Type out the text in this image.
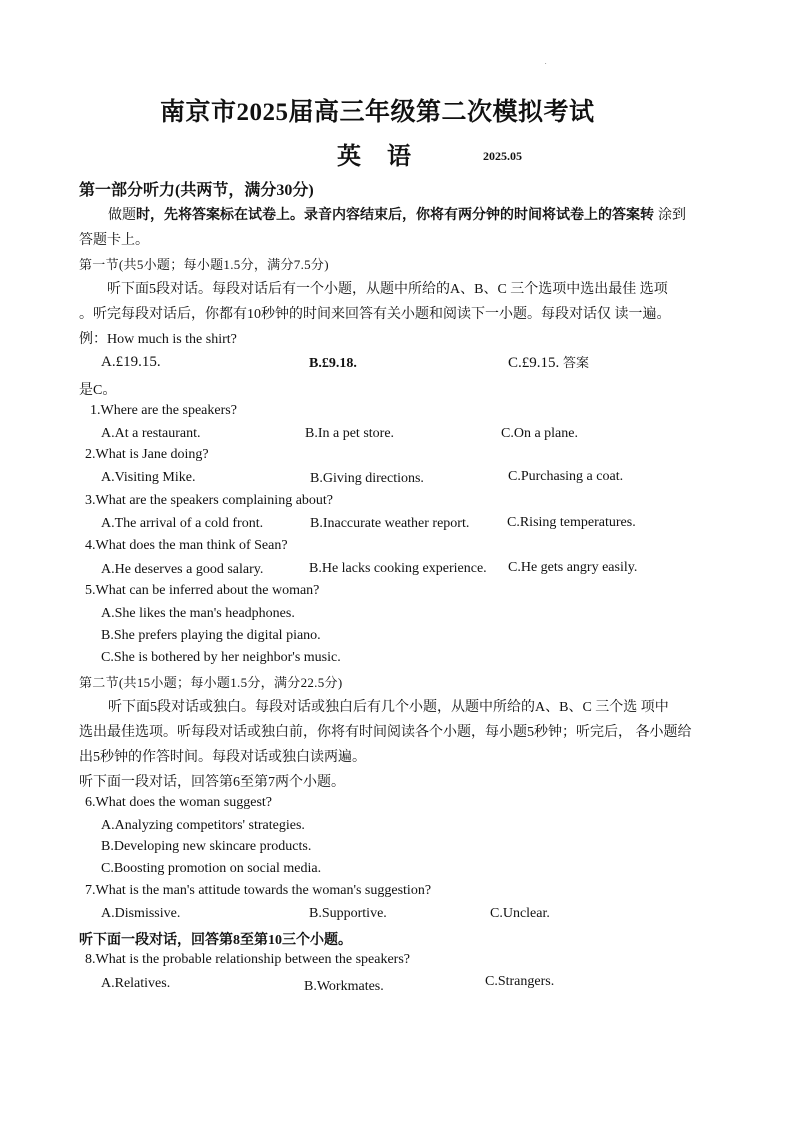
.
南京市2025届高三年级第二次模拟考试
英 语	2025.05
第一部分听力(共两节，满分30分)
做题时，先将答案标在试卷上。录音内容结束后，你将有两分钟的时间将试卷上的答案转 涂到
答题卡上。
第一节(共5小题；每小题1.5分，满分7.5分)
听下面5段对话。每段对话后有一个小题，从题中所给的A、B、C 三个选项中选出最佳 选项
。听完每段对话后，你都有10秒钟的时间来回答有关小题和阅读下一小题。每段对话仅 读一遍。
例：How much is the shirt?
A.£19.15.	B.£9.18.	C.£9.15. 答案
是C。
1.Where are the speakers?
A.At a restaurant.	B.In a pet store.	C.On a plane.
2.What is Jane doing?
A.Visiting Mike.	B.Giving directions.	C.Purchasing a coat.
3.What are the speakers complaining about?
A.The arrival of a cold front.	B.Inaccurate weather report.	C.Rising temperatures.
4.What does the man think of Sean?
A.He deserves a good salary.	B.He lacks cooking experience. C.He gets angry easily.
5.What can be inferred about the woman?
A.She likes the man's headphones.
B.She prefers playing the digital piano.
C.She is bothered by her neighbor's music.
第二节(共15小题；每小题1.5分，满分22.5分)
听下面5段对话或独白。每段对话或独白后有几个小题，从题中所给的A、B、C 三个选 项中
选出最佳选项。听每段对话或独白前，你将有时间阅读各个小题，每小题5秒钟；听完后， 各小题给
出5秒钟的作答时间。每段对话或独白读两遍。
听下面一段对话，回答第6至第7两个小题。
6.What does the woman suggest?
A.Analyzing competitors' strategies.
B.Developing new skincare products.
C.Boosting promotion on social media.
7.What is the man's attitude towards the woman's suggestion?
A.Dismissive.	B.Supportive.	C.Unclear.
听下面一段对话，回答第8至第10三个小题。
8.What is the probable relationship between the speakers?
A.Relatives.	B.Workmates.	C.Strangers.
